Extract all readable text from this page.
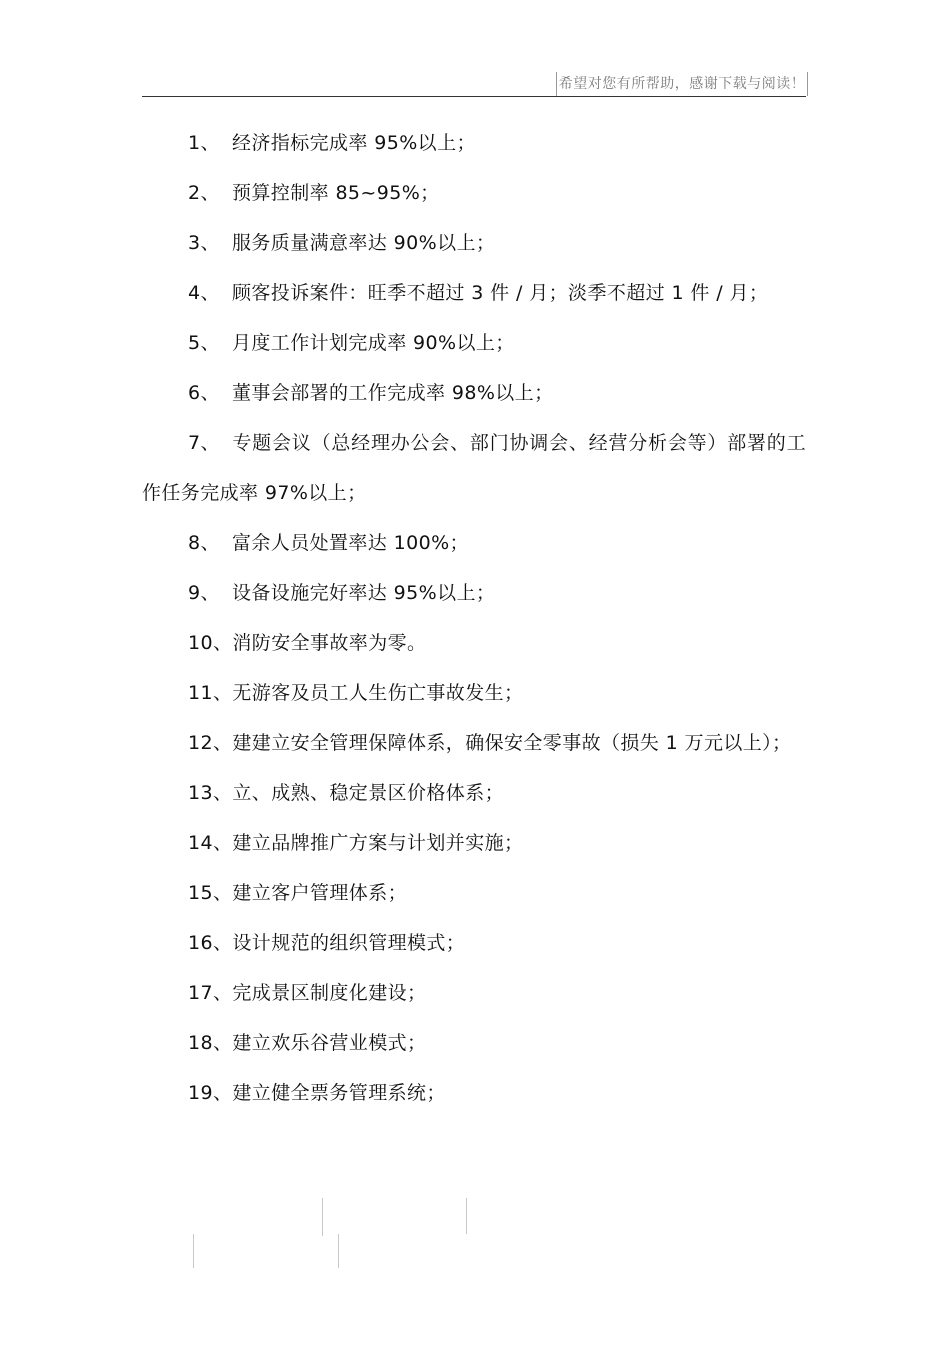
希望对您有所帮助，感谢下载与阅读！
1、 经济指标完成率 95%以上；
2、 预算控制率 85~95%；
3、 服务质量满意率达 90%以上；
4、 顾客投诉案件：旺季不超过 3 件 / 月；淡季不超过 1 件 / 月；
5、 月度工作计划完成率 90%以上；
6、 董事会部署的工作完成率 98%以上；
7、 专题会议（总经理办公会、部门协调会、经营分析会等）部署的工作任务完成率 97%以上；
8、 富余人员处置率达 100%；
9、 设备设施完好率达 95%以上；
10、消防安全事故率为零。
11、无游客及员工人生伤亡事故发生；
12、建建立安全管理保障体系，确保安全零事故（损失 1 万元以上）；
13、立、成熟、稳定景区价格体系；
14、建立品牌推广方案与计划并实施；
15、建立客户管理体系；
16、设计规范的组织管理模式；
17、完成景区制度化建设；
18、建立欢乐谷营业模式；
19、建立健全票务管理系统；
